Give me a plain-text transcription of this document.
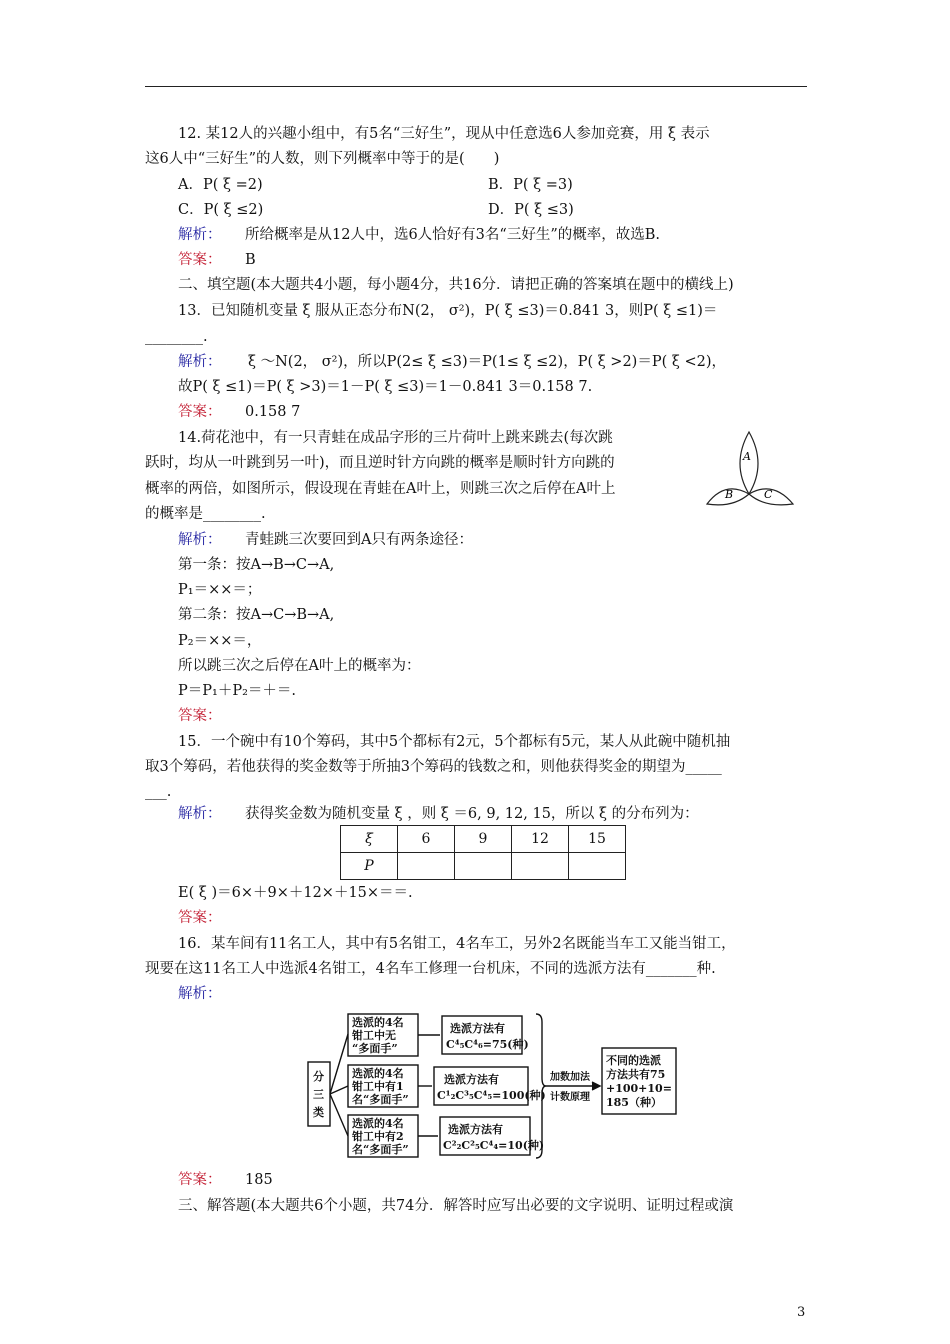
12. 某12人的兴趣小组中，有5名“三好生”，现从中任意选6人参加竞赛，用 ξ 表示
这6人中“三好生”的人数，则下列概率中等于的是(　　)
A．P( ξ =2)	B．P( ξ =3)
C．P( ξ ≤2)	D．P( ξ ≤3)
解析： 所给概率是从12人中，选6人恰好有3名“三好生”的概率，故选B.
答案： B
二、填空题(本大题共4小题，每小题4分，共16分．请把正确的答案填在题中的横线上)
13．已知随机变量 ξ 服从正态分布N(2， σ²)，P( ξ ≤3)＝0.841 3，则P( ξ ≤1)＝
________.
解析： ξ ～N(2， σ²)，所以P(2≤ ξ ≤3)＝P(1≤ ξ ≤2)，P( ξ >2)＝P( ξ <2)，
故P( ξ ≤1)＝P( ξ >3)＝1－P( ξ ≤3)＝1－0.841 3＝0.158 7.
答案： 0.158 7
14.荷花池中，有一只青蛙在成品字形的三片荷叶上跳来跳去(每次跳
跃时，均从一叶跳到另一叶)，而且逆时针方向跳的概率是顺时针方向跳的
概率的两倍，如图所示，假设现在青蛙在A叶上，则跳三次之后停在A叶上
的概率是________.
A
B	C
解析： 青蛙跳三次要回到A只有两条途径：
第一条：按A→B→C→A,
P₁＝××＝；
第二条：按A→C→B→A,
P₂＝××＝，
所以跳三次之后停在A叶上的概率为：
P＝P₁＋P₂＝＋＝.
答案：
15．一个碗中有10个筹码，其中5个都标有2元，5个都标有5元，某人从此碗中随机抽
取3个筹码，若他获得的奖金数等于所抽3个筹码的钱数之和，则他获得奖金的期望为_____
___.
解析： 获得奖金数为随机变量 ξ ，则 ξ ＝6, 9, 12, 15，所以 ξ 的分布列为：
ξ	6	9	12	15
P				
E( ξ )＝6×＋9×＋12×＋15×＝＝.
答案：
16．某车间有11名工人，其中有5名钳工，4名车工，另外2名既能当车工又能当钳工，
现要在这11名工人中选派4名钳工，4名车工修理一台机床，不同的选派方法有_______种.
解析：
分
三
类
选派的4名
钳工中无
“多面手”
选派的4名
钳工中有1
名“多面手”
选派的4名
钳工中有2
名“多面手”
选派方法有
C⁴₅C⁴₆=75(种)
选派方法有
C¹₂C³₅C⁴₅=100(种)
选派方法有
C²₂C²₅C⁴₄=10(种)
加数加法
计数原理
不同的选派
方法共有75
+100+10=
185（种）
答案： 185
三、解答题(本大题共6个小题，共74分．解答时应写出必要的文字说明、证明过程或演
3
